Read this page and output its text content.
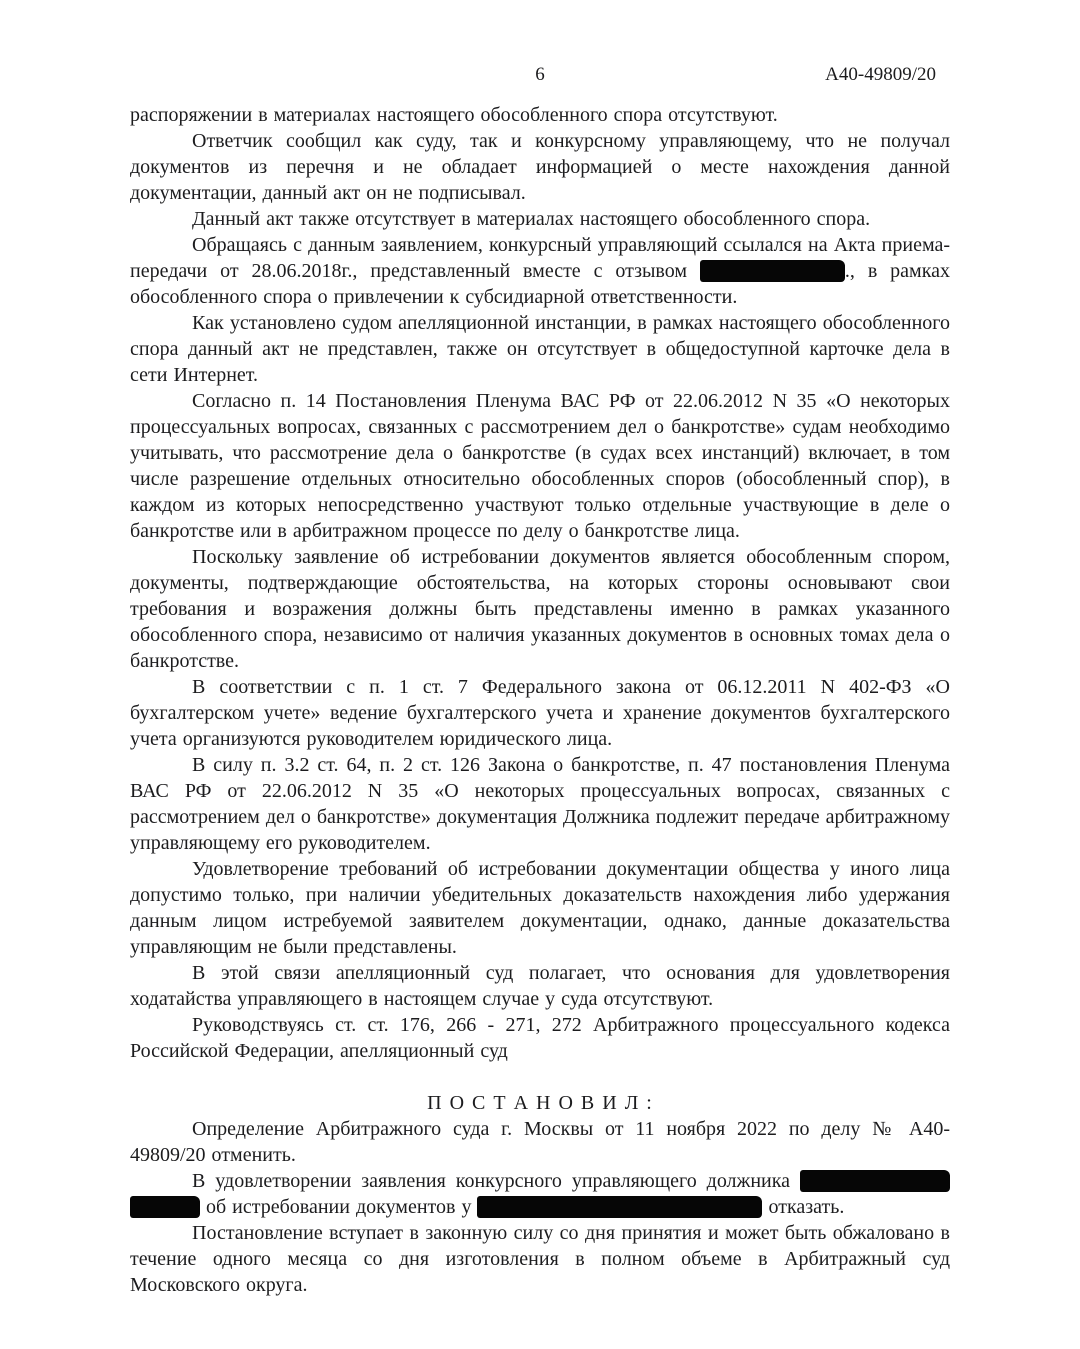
6	А40-49809/20

распоряжении в материалах настоящего обособленного спора отсутствуют.

Ответчик сообщил как суду, так и конкурсному управляющему, что не получал документов из перечня и не обладает информацией о месте нахождения данной документации, данный акт он не подписывал.

Данный акт также отсутствует в материалах настоящего обособленного спора.

Обращаясь с данным заявлением, конкурсный управляющий ссылался на Акта приема-передачи от 28.06.2018г., представленный вместе с отзывом	., в рамках обособленного спора о привлечении к субсидиарной ответственности.

Как установлено судом апелляционной инстанции, в рамках настоящего обособленного спора данный акт не представлен, также он отсутствует в общедоступной карточке дела в сети Интернет.

Согласно п. 14 Постановления Пленума ВАС РФ от 22.06.2012 N 35 «О некоторых процессуальных вопросах, связанных с рассмотрением дел о банкротстве» судам необходимо учитывать, что рассмотрение дела о банкротстве (в судах всех инстанций) включает, в том числе разрешение отдельных относительно обособленных споров (обособленный спор), в каждом из которых непосредственно участвуют только отдельные участвующие в деле о банкротстве или в арбитражном процессе по делу о банкротстве лица.

Поскольку заявление об истребовании документов является обособленным спором, документы, подтверждающие обстоятельства, на которых стороны основывают свои требования и возражения должны быть представлены именно в рамках указанного обособленного спора, независимо от наличия указанных документов в основных томах дела о банкротстве.

В соответствии с п. 1 ст. 7 Федерального закона от 06.12.2011 N 402-ФЗ «О бухгалтерском учете» ведение бухгалтерского учета и хранение документов бухгалтерского учета организуются руководителем юридического лица.

В силу п. 3.2 ст. 64, п. 2 ст. 126 Закона о банкротстве, п. 47 постановления Пленума ВАС РФ от 22.06.2012 N 35 «О некоторых процессуальных вопросах, связанных с рассмотрением дел о банкротстве» документация Должника подлежит передаче арбитражному управляющему его руководителем.

Удовлетворение требований об истребовании документации общества у иного лица допустимо только, при наличии убедительных доказательств нахождения либо удержания данным лицом истребуемой заявителем документации, однако, данные доказательства управляющим не были представлены.

В этой связи апелляционный суд полагает, что основания для удовлетворения ходатайства управляющего в настоящем случае у суда отсутствуют.

Руководствуясь ст. ст. 176, 266 - 271, 272 Арбитражного процессуального кодекса Российской Федерации, апелляционный суд

П О С Т А Н О В И Л :

Определение Арбитражного суда г. Москвы от 11 ноября 2022 по делу № А40-49809/20 отменить.

В удовлетворении заявления конкурсного управляющего должника   об истребовании документов у	отказать.

Постановление вступает в законную силу со дня принятия и может быть обжаловано в течение одного месяца со дня изготовления в полном объеме в Арбитражный суд Московского округа.
